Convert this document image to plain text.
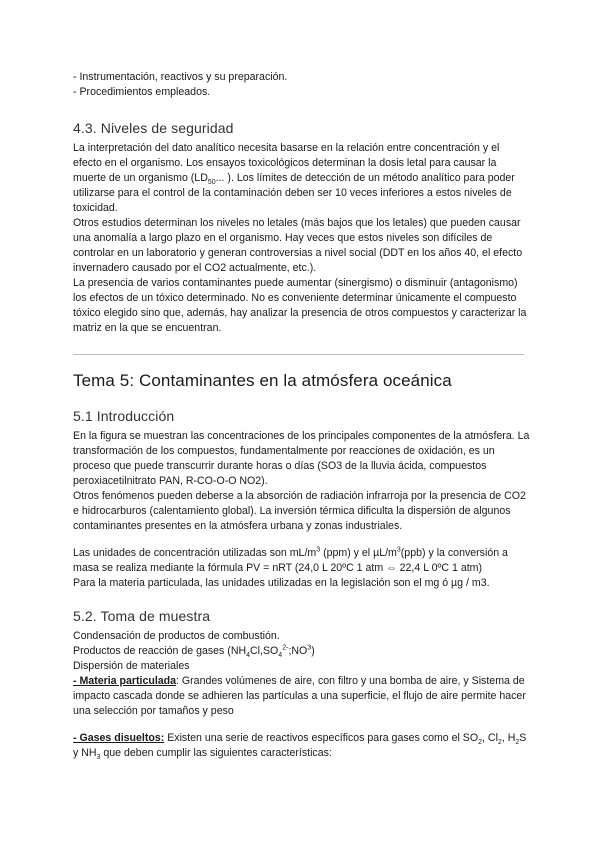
- Instrumentación, reactivos y su preparación.

- Procedimientos empleados.

4.3. Niveles de seguridad

La interpretación del dato analítico necesita basarse en la relación entre concentración y el efecto en el organismo. Los ensayos toxicológicos determinan la dosis letal para causar la muerte de un organismo ($LD_{50}$... ). Los límites de detección de un método analítico para poder utilizarse para el control de la contaminación deben ser 10 veces inferiores a estos niveles de toxicidad.

Otros estudios determinan los niveles no letales (más bajos que los letales) que pueden causar una anomalía a largo plazo en el organismo. Hay veces que estos niveles son difíciles de controlar en un laboratorio y generan controversias a nivel social (DDT en los años 40, el efecto invernadero causado por el CO2 actualmente, etc.).

La presencia de varios contaminantes puede aumentar (sinergismo) o disminuir (antagonismo) los efectos de un tóxico determinado. No es conveniente determinar únicamente el compuesto tóxico elegido sino que, además, hay analizar la presencia de otros compuestos y caracterizar la matriz en la que se encuentran.

Tema 5: Contaminantes en la atmósfera oceánica
5.1 Introducción

En la figura se muestran las concentraciones de los principales componentes de la atmósfera. La transformación de los compuestos, fundamentalmente por reacciones de oxidación, es un proceso que puede transcurrir durante horas o días (SO3 de la lluvia ácida, compuestos peroxiacetilnitrato PAN, R-CO-O-O NO2).

Otros fenómenos pueden deberse a la absorción de radiación infrarroja por la presencia de CO2 e hidrocarburos (calentamiento global). La inversión térmica dificulta la dispersión de algunos contaminantes presentes en la atmósfera urbana y zonas industriales.

Las unidades de concentración utilizadas son $mL/m^3$ (ppm) y el $\mu L/m^3(ppb)$ y la conversión a masa se realiza mediante la fórmula PV = nRT (24,0 L 20ºC 1 atm ⇔ 22,4 L 0ºC 1 atm)

Para la materia particulada, las unidades utilizadas en la legislación son el mg ó µg / m3.

5.2. Toma de muestra

Condensación de productos de combustión.

Productos de reacción de gases $(NH_4Cl,SO_4^{2-};NO^3)$

Dispersión de materiales

- Materia particulada: Grandes volúmenes de aire, con filtro y una bomba de aire, y Sistema de impacto cascada donde se adhieren las partículas a una superficie, el flujo de aire permite hacer una selección por tamaños y peso

- Gases disueltos: Existen una serie de reactivos específicos para gases como el $SO_2$, $Cl_2$, $H_2S$ y $NH_3$ que deben cumplir las siguientes características:
